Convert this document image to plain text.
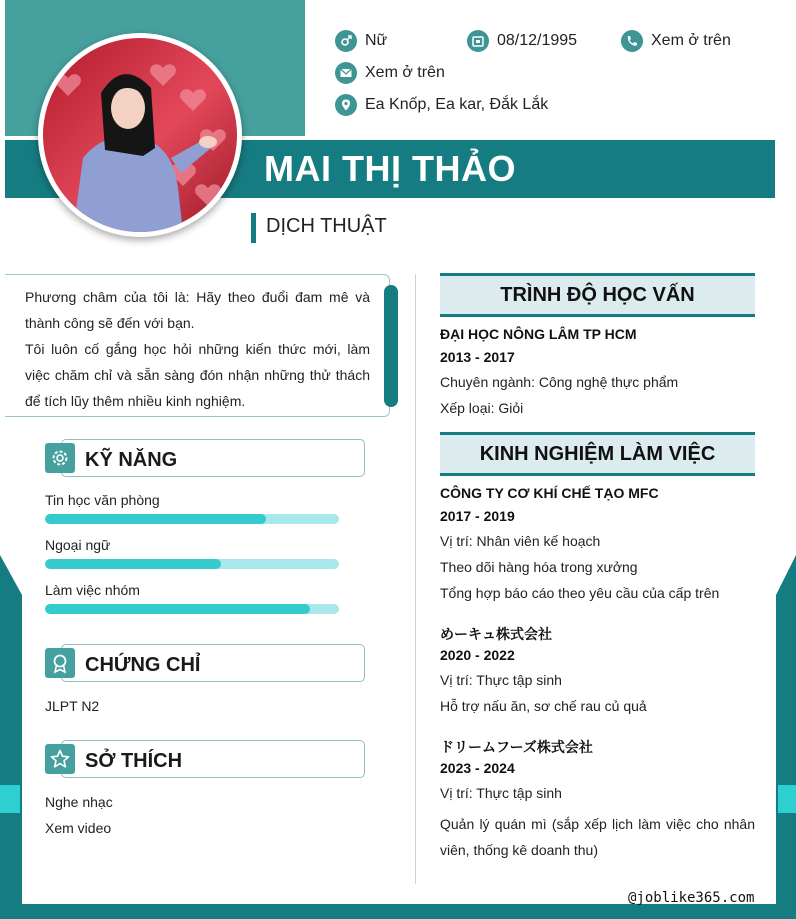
Nữ	08/12/1995	Xem ở trên
Xem ở trên
Ea Knốp, Ea kar, Đắk Lắk
MAI THỊ THẢO
DỊCH THUẬT
Phương châm của tôi là: Hãy theo đuổi đam mê và thành công sẽ đến với bạn.
Tôi luôn cố gắng học hỏi những kiến thức mới, làm việc chăm chỉ và sẵn sàng đón nhận những thử thách để tích lũy thêm nhiều kinh nghiệm.
KỸ NĂNG
Tin học văn phòng
Ngoại ngữ
Làm việc nhóm
CHỨNG CHỈ
JLPT N2
SỞ THÍCH
Nghe nhạc
Xem video
TRÌNH ĐỘ HỌC VẤN
ĐẠI HỌC NÔNG LÂM TP HCM
2013 - 2017
Chuyên ngành: Công nghệ thực phẩm
Xếp loại: Giỏi
KINH NGHIỆM LÀM VIỆC
CÔNG TY CƠ KHÍ CHẾ TẠO MFC
2017 - 2019
Vị trí: Nhân viên kế hoạch
Theo dõi hàng hóa trong xưởng
Tổng hợp báo cáo theo yêu cầu của cấp trên
めーキュ株式会社
2020 - 2022
Vị trí: Thực tập sinh
Hỗ trợ nấu ăn, sơ chế rau củ quả
ドリームフーズ株式会社
2023 - 2024
Vị trí: Thực tập sinh
Quản lý quán mì (sắp xếp lịch làm việc cho nhân viên, thống kê doanh thu)
@joblike365.com
